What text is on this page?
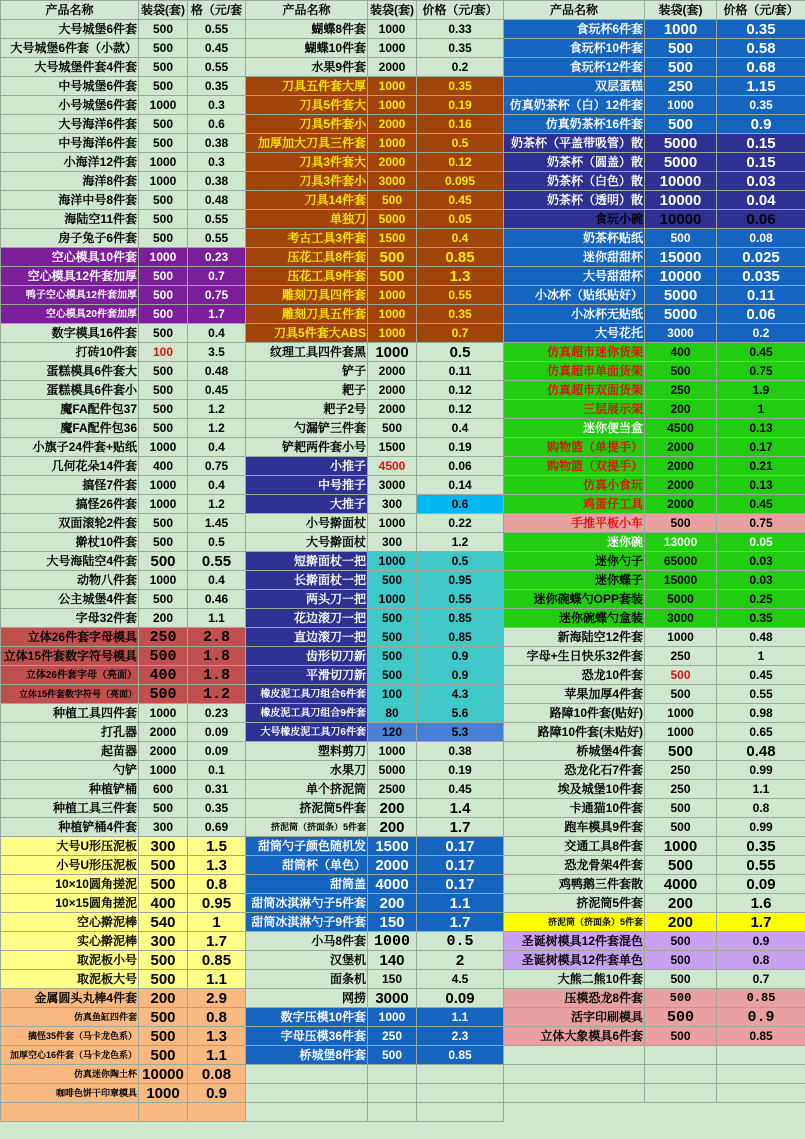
产品名称	装袋(套)	格（元/套
大号城堡6件套	500	0.55
大号城堡6件套（小款）	500	0.45
大号城堡件套4件套	500	0.55
中号城堡6件套	500	0.35
小号城堡6件套	1000	0.3
大号海洋6件套	500	0.6
中号海洋6件套	500	0.38
小海洋12件套	1000	0.3
海洋8件套	1000	0.38
海洋中号8件套	500	0.48
海陆空11件套	500	0.55
房子兔子6件套	500	0.55
空心模具10件套	1000	0.23
空心模具12件套加厚	500	0.7
鸭子空心模具12件套加厚	500	0.75
空心模具20件套加厚	500	1.7
数字模具16件套	500	0.4
打砖10件套	100	3.5
蛋糕模具6件套大	500	0.48
蛋糕模具6件套小	500	0.45
魔FA配件包37	500	1.2
魔FA配件包36	500	1.2
小旗子24件套+贴纸	1000	0.4
几何花朵14件套	400	0.75
搞怪7件套	1000	0.4
搞怪26件套	1000	1.2
双面滚轮2件套	500	1.45
擀杖10件套	500	0.5
大号海陆空4件套	500	0.55
动物八件套	1000	0.4
公主城堡4件套	500	0.46
字母32件套	200	1.1
立体26件套字母模具	250	2.8
立体15件套数字符号模具	500	1.8
立体26件套字母（亮面）	400	1.8
立体15件套数字符号（亮面）	500	1.2
种植工具四件套	1000	0.23
打孔器	2000	0.09
起苗器	2000	0.09
勺铲	1000	0.1
种植铲桶	600	0.31
种植工具三件套	500	0.35
种植铲桶4件套	300	0.69
大号U形压泥板	300	1.5
小号U形压泥板	500	1.3
10×10圆角搓泥	500	0.8
10×15圆角搓泥	400	0.95
空心擀泥棒	540	1
实心擀泥棒	300	1.7
取泥板小号	500	0.85
取泥板大号	500	1.1
金属圆头丸棒4件套	200	2.9
仿真鱼缸四件套	500	0.8
搞怪35件套（马卡龙色系）	500	1.3
加厚空心16件套（马卡龙色系）	500	1.1
仿真迷你陶土杯	10000	0.08
咖啡色饼干印章模具	1000	0.9

产品名称	装袋(套)	价格（元/套）
蝴蝶8件套	1000	0.33
蝴蝶10件套	1000	0.35
水果9件套	2000	0.2
刀具五件套大厚	1000	0.35
刀具5件套大	1000	0.19
刀具5件套小	2000	0.16
加厚加大刀具三件套	1000	0.5
刀具3件套大	2000	0.12
刀具3件套小	3000	0.095
刀具14件套	500	0.45
单独刀	5000	0.05
考古工具3件套	1500	0.4
压花工具8件套	500	0.85
压花工具9件套	500	1.3
雕刻刀具四件套	1000	0.55
雕刻刀具五件套	1000	0.35
刀具5件套大ABS	1000	0.7
纹理工具四件套黑	1000	0.5
铲子	2000	0.11
耙子	2000	0.12
耙子2号	2000	0.12
勺漏铲三件套	500	0.4
铲耙两件套小号	1500	0.19
小推子	4500	0.06
中号推子	3000	0.14
大推子	300	0.6
小号擀面杖	1000	0.22
大号擀面杖	300	1.2
短擀面杖一把	1000	0.5
长擀面杖一把	500	0.95
两头刀一把	1000	0.55
花边滚刀一把	500	0.85
直边滚刀一把	500	0.85
齿形切刀新	500	0.9
平滑切刀新	500	0.9
橡皮泥工具刀组合6件套	100	4.3
橡皮泥工具刀组合9件套	80	5.6
大号橡皮泥工具刀6件套	120	5.3
塑料剪刀	1000	0.38
水果刀	5000	0.19
单个挤泥筒	2500	0.45
挤泥筒5件套	200	1.4
挤泥筒（挤面条）5件套	200	1.7
甜筒勺子颜色随机发	1500	0.17
甜筒杯（单色）	2000	0.17
甜筒盖	4000	0.17
甜筒冰淇淋勺子5件套	200	1.1
甜筒冰淇淋勺子9件套	150	1.7
小马8件套	1000	0.5
汉堡机	140	2
面条机	150	4.5
网捞	3000	0.09
数字压模10件套	1000	1.1
字母压模36件套	250	2.3
桥城堡8件套	500	0.85

产品名称	装袋(套)	价格（元/套）
食玩杯6件套	1000	0.35
食玩杯10件套	500	0.58
食玩杯12件套	500	0.68
双层蛋糕	250	1.15
仿真奶茶杯（白）12件套	1000	0.35
仿真奶茶杯16件套	500	0.9
奶茶杯（平盖带吸管）散	5000	0.15
奶茶杯（圆盖）散	5000	0.15
奶茶杯（白色）散	10000	0.03
奶茶杯（透明）散	10000	0.04
食玩小碗	10000	0.06
奶茶杯贴纸	500	0.08
迷你甜甜杯	15000	0.025
大号甜甜杯	10000	0.035
小冰杯（贴纸贴好）	5000	0.11
小冰杯无贴纸	5000	0.06
大号花托	3000	0.2
仿真超市迷你货架	400	0.45
仿真超市单面货架	500	0.75
仿真超市双面货架	250	1.9
三层展示架	200	1
迷你便当盒	4500	0.13
购物篮（单提手）	2000	0.17
购物篮（双提手）	2000	0.21
仿真小食玩	2000	0.13
鸡蛋仔工具	2000	0.45
手推平板小车	500	0.75
迷你碗	13000	0.05
迷你勺子	65000	0.03
迷你蝶子	15000	0.03
迷你碗蝶勺OPP套装	5000	0.25
迷你碗蝶勺盒装	3000	0.35
新海陆空12件套	1000	0.48
字母+生日快乐32件套	250	1
恐龙10件套	500	0.45
苹果加厚4件套	500	0.55
路障10件套(贴好)	1000	0.98
路障10件套(未贴好)	1000	0.65
桥城堡4件套	500	0.48
恐龙化石7件套	250	0.99
埃及城堡10件套	250	1.1
卡通猫10件套	500	0.8
跑车模具9件套	500	0.99
交通工具8件套	1000	0.35
恐龙骨架4件套	500	0.55
鸡鸭鹅三件套散	4000	0.09
挤泥筒5件套	200	1.6
挤泥筒（挤面条）5件套	200	1.7
圣诞树模具12件套混色	500	0.9
圣诞树模具12件套单色	500	0.8
大熊二熊10件套	500	0.7
压模恐龙8件套	500	0.85
活字印刷模具	500	0.9
立体大象模具6件套	500	0.85
